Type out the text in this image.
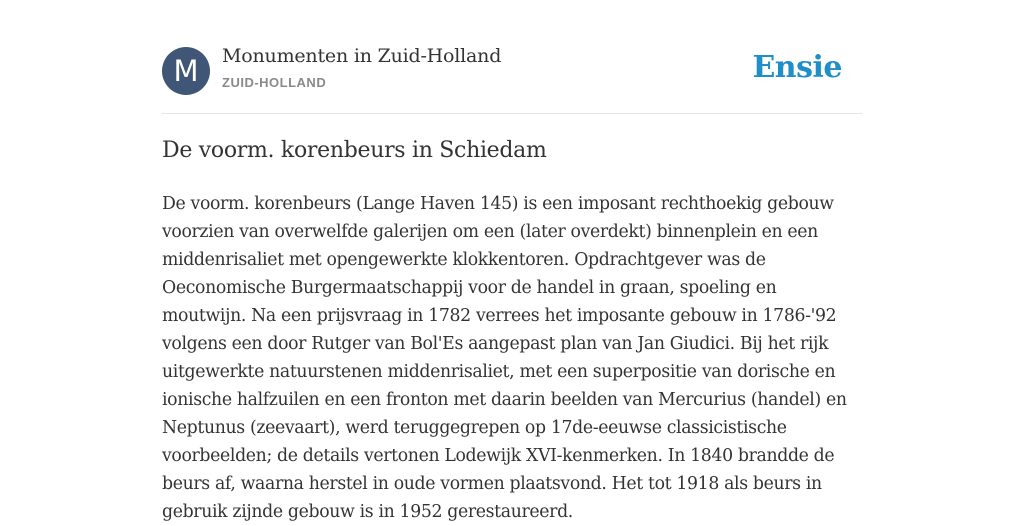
M	Monumenten in Zuid-Holland
ZUID-HOLLAND	Ensie
De voorm. korenbeurs in Schiedam

De voorm. korenbeurs (Lange Haven 145) is een imposant rechthoekig gebouw voorzien van overwelfde galerijen om een (later overdekt) binnenplein en een middenrisaliet met opengewerkte klokkentoren. Opdrachtgever was de Oeconomische Burgermaatschappij voor de handel in graan, spoeling en moutwijn. Na een prijsvraag in 1782 verrees het imposante gebouw in 1786-'92 volgens een door Rutger van Bol'Es aangepast plan van Jan Giudici. Bij het rijk uitgewerkte natuurstenen middenrisaliet, met een superpositie van dorische en ionische halfzuilen en een fronton met daarin beelden van Mercurius (handel) en Neptunus (zeevaart), werd teruggegrepen op 17de-eeuwse classicistische voorbeelden; de details vertonen Lodewijk XVI-kenmerken. In 1840 brandde de beurs af, waarna herstel in oude vormen plaatsvond. Het tot 1918 als beurs in gebruik zijnde gebouw is in 1952 gerestaureerd.
